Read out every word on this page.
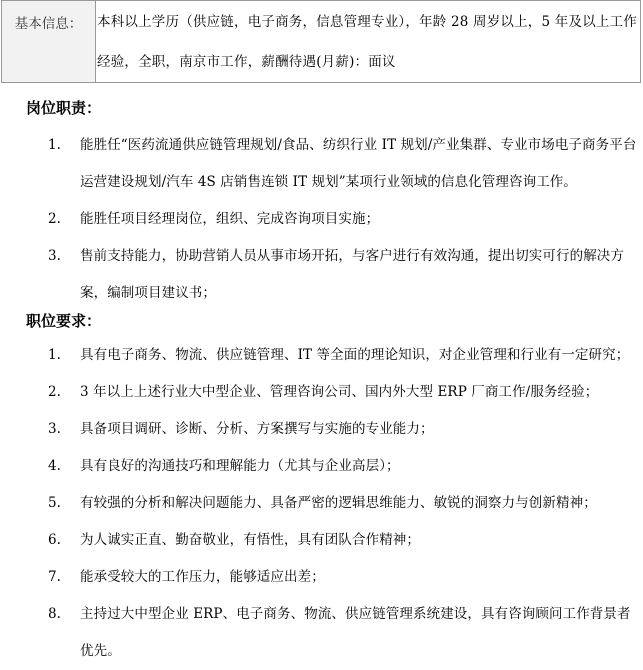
基本信息：	本科以上学历（供应链，电子商务，信息管理专业），年龄 28 周岁以上，5 年及以上工作经验，全职，南京市工作，薪酬待遇(月薪)：面议
岗位职责：
1.	能胜任“医药流通供应链管理规划/食品、纺织行业 IT 规划/产业集群、专业市场电子商务平台运营建设规划/汽车 4S 店销售连锁 IT 规划”某项行业领域的信息化管理咨询工作。
2.	能胜任项目经理岗位，组织、完成咨询项目实施；
3.	售前支持能力，协助营销人员从事市场开拓，与客户进行有效沟通，提出切实可行的解决方案，编制项目建议书；
职位要求：
1.	具有电子商务、物流、供应链管理、IT 等全面的理论知识，对企业管理和行业有一定研究；
2.	3 年以上上述行业大中型企业、管理咨询公司、国内外大型 ERP 厂商工作/服务经验；
3.	具备项目调研、诊断、分析、方案撰写与实施的专业能力；
4.	具有良好的沟通技巧和理解能力（尤其与企业高层）；
5.	有较强的分析和解决问题能力、具备严密的逻辑思维能力、敏锐的洞察力与创新精神；
6.	为人诚实正直、勤奋敬业，有悟性，具有团队合作精神；
7.	能承受较大的工作压力，能够适应出差；
8.	主持过大中型企业 ERP、电子商务、物流、供应链管理系统建设，具有咨询顾问工作背景者优先。
